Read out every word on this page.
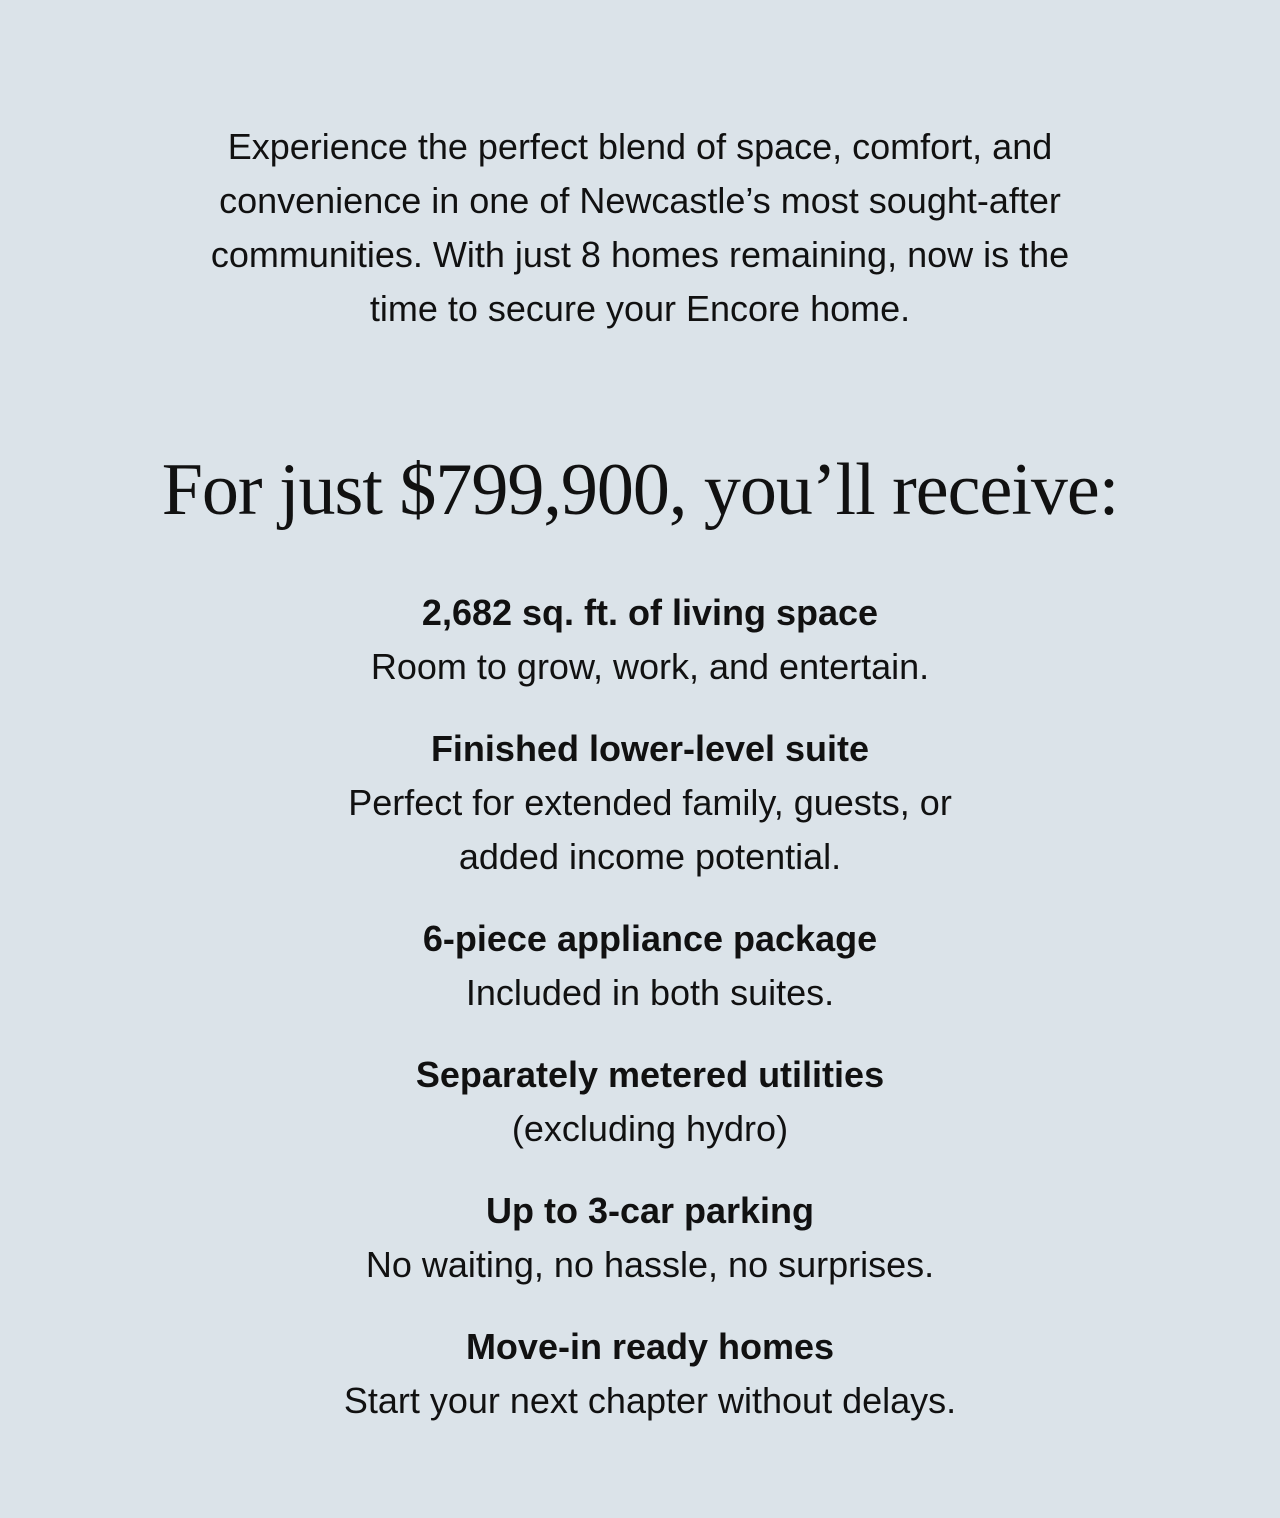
Experience the perfect blend of space, comfort, and
convenience in one of Newcastle’s most sought-after
communities. With just 8 homes remaining, now is the
time to secure your Encore home.

For just $799,900, you’ll receive:
2,682 sq. ft. of living space
Room to grow, work, and entertain.
Finished lower-level suite
Perfect for extended family, guests, or
added income potential.
6-piece appliance package
Included in both suites.
Separately metered utilities
(excluding hydro)
Up to 3-car parking
No waiting, no hassle, no surprises.
Move-in ready homes
Start your next chapter without delays.
